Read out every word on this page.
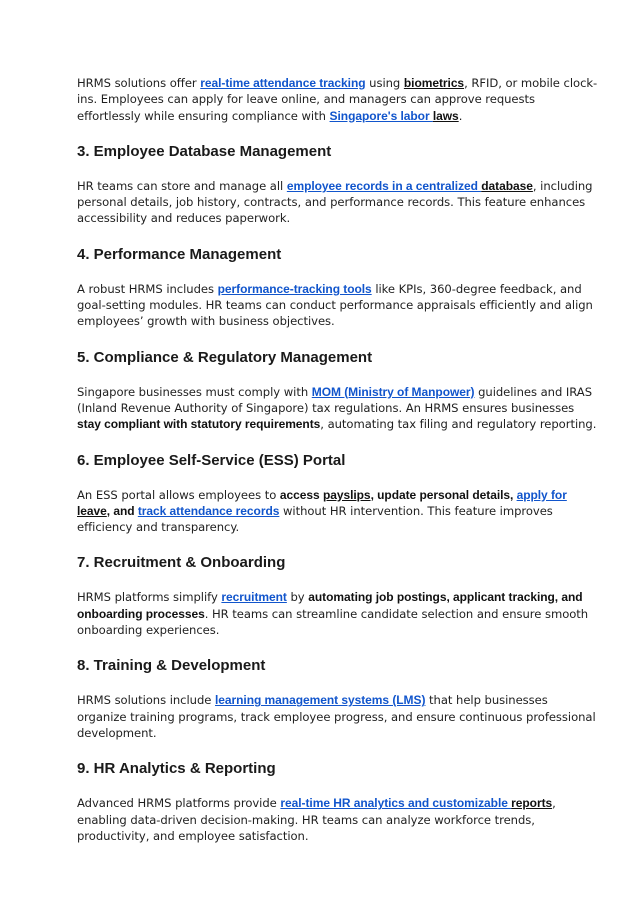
HRMS solutions offer real-time attendance tracking using biometrics, RFID, or mobile clock-ins. Employees can apply for leave online, and managers can approve requests effortlessly while ensuring compliance with Singapore's labor laws.

3. Employee Database Management

HR teams can store and manage all employee records in a centralized database, including personal details, job history, contracts, and performance records. This feature enhances accessibility and reduces paperwork.

4. Performance Management

A robust HRMS includes performance-tracking tools like KPIs, 360-degree feedback, and goal-setting modules. HR teams can conduct performance appraisals efficiently and align employees’ growth with business objectives.

5. Compliance & Regulatory Management

Singapore businesses must comply with MOM (Ministry of Manpower) guidelines and IRAS (Inland Revenue Authority of Singapore) tax regulations. An HRMS ensures businesses stay compliant with statutory requirements, automating tax filing and regulatory reporting.

6. Employee Self-Service (ESS) Portal

An ESS portal allows employees to access payslips, update personal details, apply for leave, and track attendance records without HR intervention. This feature improves efficiency and transparency.

7. Recruitment & Onboarding

HRMS platforms simplify recruitment by automating job postings, applicant tracking, and onboarding processes. HR teams can streamline candidate selection and ensure smooth onboarding experiences.

8. Training & Development

HRMS solutions include learning management systems (LMS) that help businesses organize training programs, track employee progress, and ensure continuous professional development.

9. HR Analytics & Reporting

Advanced HRMS platforms provide real-time HR analytics and customizable reports, enabling data-driven decision-making. HR teams can analyze workforce trends, productivity, and employee satisfaction.
